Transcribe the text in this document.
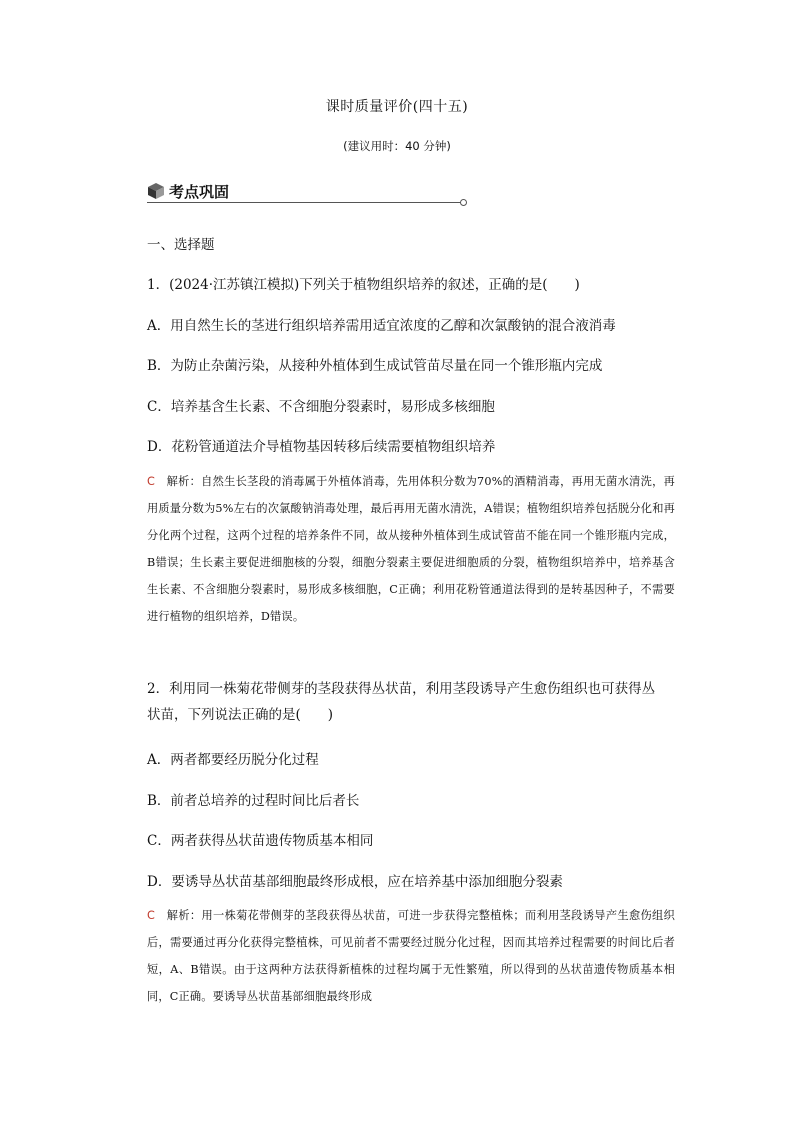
课时质量评价(四十五)
(建议用时：40 分钟)
考点巩固
一、选择题
1．(2024·江苏镇江模拟)下列关于植物组织培养的叙述，正确的是(　　)
A．用自然生长的茎进行组织培养需用适宜浓度的乙醇和次氯酸钠的混合液消毒
B．为防止杂菌污染，从接种外植体到生成试管苗尽量在同一个锥形瓶内完成
C．培养基含生长素、不含细胞分裂素时，易形成多核细胞
D．花粉管通道法介导植物基因转移后续需要植物组织培养
C 解析：自然生长茎段的消毒属于外植体消毒，先用体积分数为70%的酒精消毒，再用无菌水清洗，再用质量分数为5%左右的次氯酸钠消毒处理，最后再用无菌水清洗，A错误；植物组织培养包括脱分化和再分化两个过程，这两个过程的培养条件不同，故从接种外植体到生成试管苗不能在同一个锥形瓶内完成，B错误；生长素主要促进细胞核的分裂，细胞分裂素主要促进细胞质的分裂，植物组织培养中，培养基含生长素、不含细胞分裂素时，易形成多核细胞，C正确；利用花粉管通道法得到的是转基因种子，不需要进行植物的组织培养，D错误。
2．利用同一株菊花带侧芽的茎段获得丛状苗，利用茎段诱导产生愈伤组织也可获得丛状苗，下列说法正确的是(　　)
A．两者都要经历脱分化过程
B．前者总培养的过程时间比后者长
C．两者获得丛状苗遗传物质基本相同
D．要诱导丛状苗基部细胞最终形成根，应在培养基中添加细胞分裂素
C 解析：用一株菊花带侧芽的茎段获得丛状苗，可进一步获得完整植株；而利用茎段诱导产生愈伤组织后，需要通过再分化获得完整植株，可见前者不需要经过脱分化过程，因而其培养过程需要的时间比后者短，A、B错误。由于这两种方法获得新植株的过程均属于无性繁殖，所以得到的丛状苗遗传物质基本相同，C正确。要诱导丛状苗基部细胞最终形成
